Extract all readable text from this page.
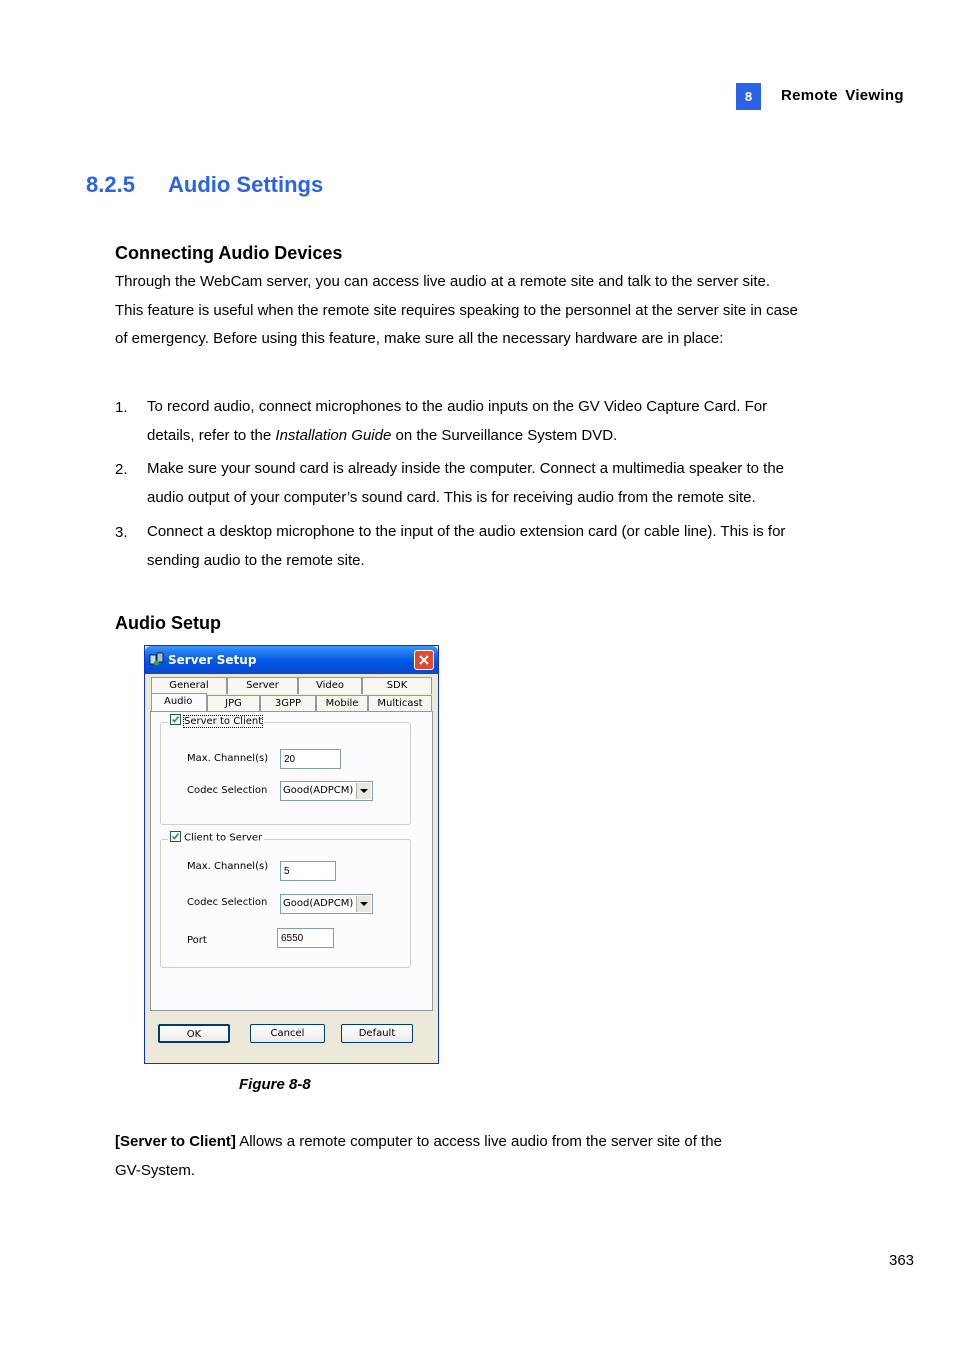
8	Remote Viewing
8.2.5 Audio Settings
Connecting Audio Devices
Through the WebCam server, you can access live audio at a remote site and talk to the server site.
This feature is useful when the remote site requires speaking to the personnel at the server site in case
of emergency. Before using this feature, make sure all the necessary hardware are in place:
1. To record audio, connect microphones to the audio inputs on the GV Video Capture Card. For
details, refer to the Installation Guide on the Surveillance System DVD.
2. Make sure your sound card is already inside the computer. Connect a multimedia speaker to the
audio output of your computer’s sound card. This is for receiving audio from the remote site.
3. Connect a desktop microphone to the input of the audio extension card (or cable line). This is for
sending audio to the remote site.
Audio Setup
Server Setup
General	Server	Video	SDK
Audio	JPG	3GPP	Mobile	Multicast
Server to Client
Max. Channel(s)
20
Codec Selection	Good(ADPCM)
Client to Server
Max. Channel(s)
5
Codec Selection	Good(ADPCM)
Port
6550
OK	Cancel	Default
Figure 8-8
[Server to Client] Allows a remote computer to access live audio from the server site of the
GV-System.
363
